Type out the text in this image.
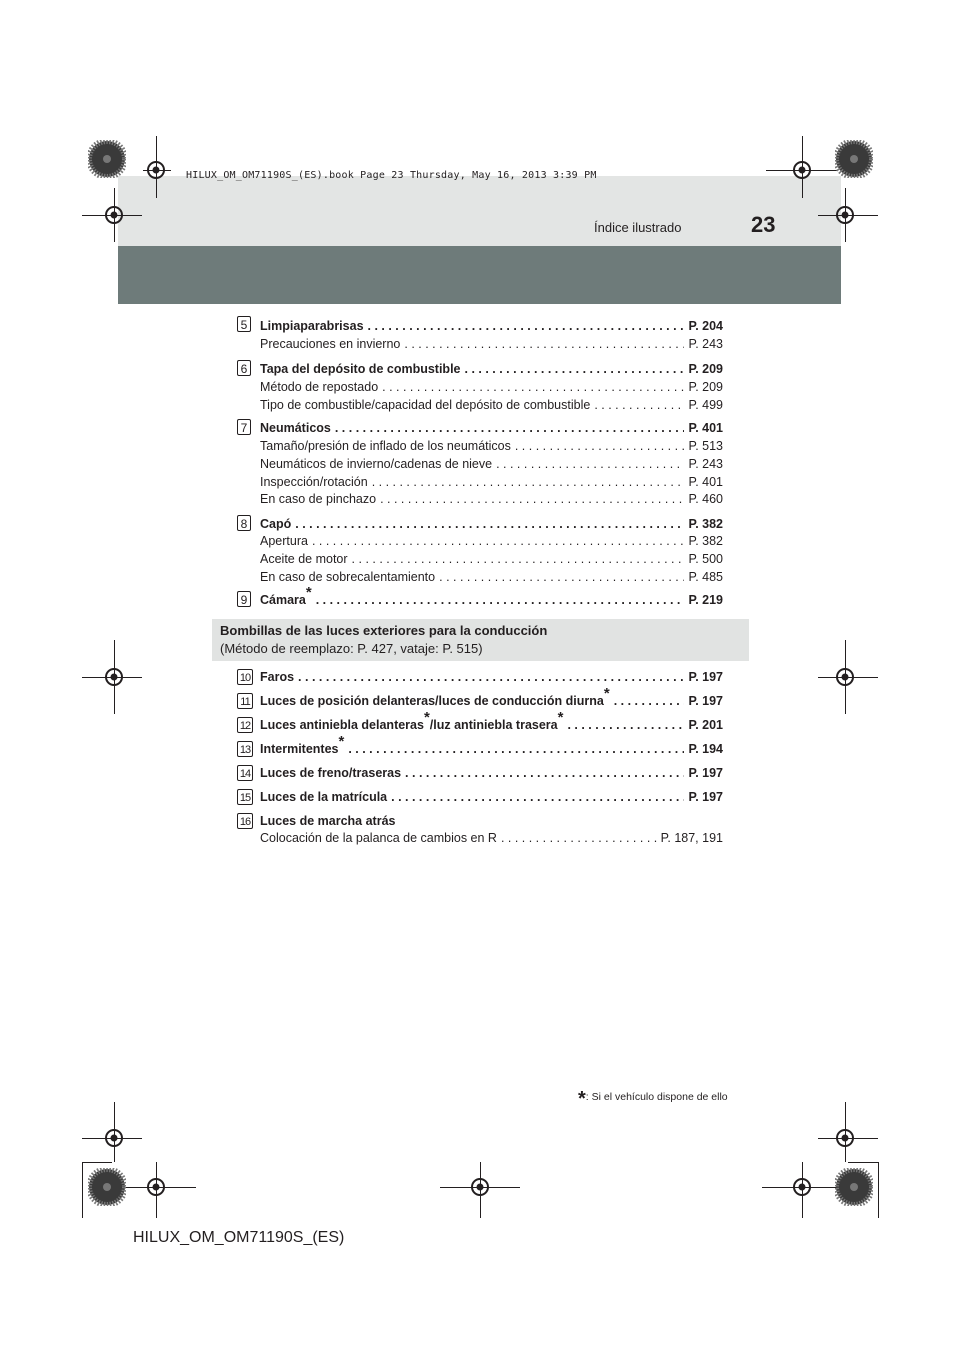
HILUX_OM_OM71190S_(ES).book Page 23 Thursday, May 16, 2013 3:39 PM
Índice ilustrado	23
5 Limpiaparabrisas . . .	P. 204
Precauciones en invierno . . .	P. 243
6 Tapa del depósito de combustible . . .	P. 209
Método de repostado . . .	P. 209
Tipo de combustible/capacidad del depósito de combustible . . .	P. 499
7 Neumáticos . . .	P. 401
Tamaño/presión de inflado de los neumáticos . . .	P. 513
Neumáticos de invierno/cadenas de nieve . . .	P. 243
Inspección/rotación . . .	P. 401
En caso de pinchazo . . .	P. 460
8 Capó . . .	P. 382
Apertura . . .	P. 382
Aceite de motor . . .	P. 500
En caso de sobrecalentamiento . . .	P. 485
9 Cámara* . . .	P. 219
Bombillas de las luces exteriores para la conducción
(Método de reemplazo: P. 427, vataje: P. 515)
10 Faros . . .	P. 197
11 Luces de posición delanteras/luces de conducción diurna* . . .	P. 197
12 Luces antiniebla delanteras*/luz antiniebla trasera* . . .	P. 201
13 Intermitentes* . . .	P. 194
14 Luces de freno/traseras . . .	P. 197
15 Luces de la matrícula . . .	P. 197
16 Luces de marcha atrás
Colocación de la palanca de cambios en R . . .	P. 187, 191
*: Si el vehículo dispone de ello
HILUX_OM_OM71190S_(ES)
